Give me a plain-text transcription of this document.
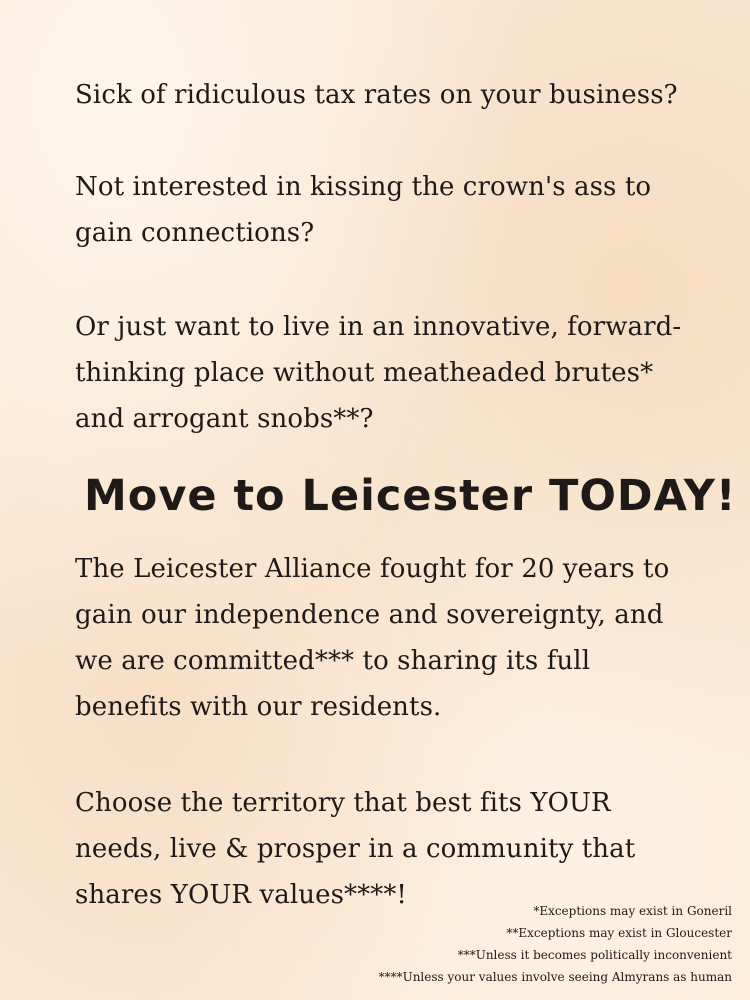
Sick of ridiculous tax rates on your business?
Not interested in kissing the crown's ass to
gain connections?
Or just want to live in an innovative, forward-
thinking place without meatheaded brutes*
and arrogant snobs**?
Move to Leicester TODAY!
The Leicester Alliance fought for 20 years to
gain our independence and sovereignty, and
we are committed*** to sharing its full
benefits with our residents.
Choose the territory that best fits YOUR
needs, live & prosper in a community that
shares YOUR values****!
*Exceptions may exist in Goneril
**Exceptions may exist in Gloucester
***Unless it becomes politically inconvenient
****Unless your values involve seeing Almyrans as human
